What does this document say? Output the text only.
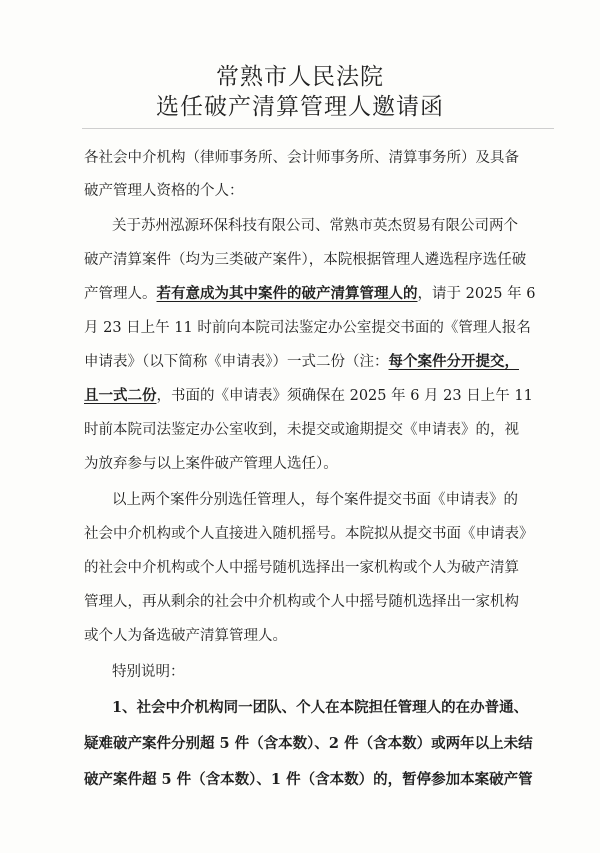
常熟市人民法院
选任破产清算管理人邀请函
各社会中介机构（律师事务所、会计师事务所、清算事务所）及具备
破产管理人资格的个人：
关于苏州泓源环保科技有限公司、常熟市英杰贸易有限公司两个
破产清算案件（均为三类破产案件），本院根据管理人遴选程序选任破
产管理人。若有意成为其中案件的破产清算管理人的，请于 2025 年 6
月 23 日上午 11 时前向本院司法鉴定办公室提交书面的《管理人报名
申请表》（以下简称《申请表》）一式二份（注：每个案件分开提交，
且一式二份，书面的《申请表》须确保在 2025 年 6 月 23 日上午 11
时前本院司法鉴定办公室收到，未提交或逾期提交《申请表》的，视
为放弃参与以上案件破产管理人选任）。
以上两个案件分别选任管理人，每个案件提交书面《申请表》的
社会中介机构或个人直接进入随机摇号。本院拟从提交书面《申请表》
的社会中介机构或个人中摇号随机选择出一家机构或个人为破产清算
管理人，再从剩余的社会中介机构或个人中摇号随机选择出一家机构
或个人为备选破产清算管理人。
特别说明：
1、社会中介机构同一团队、个人在本院担任管理人的在办普通、
疑难破产案件分别超 5 件（含本数）、2 件（含本数）或两年以上未结
破产案件超 5 件（含本数）、1 件（含本数）的，暂停参加本案破产管
